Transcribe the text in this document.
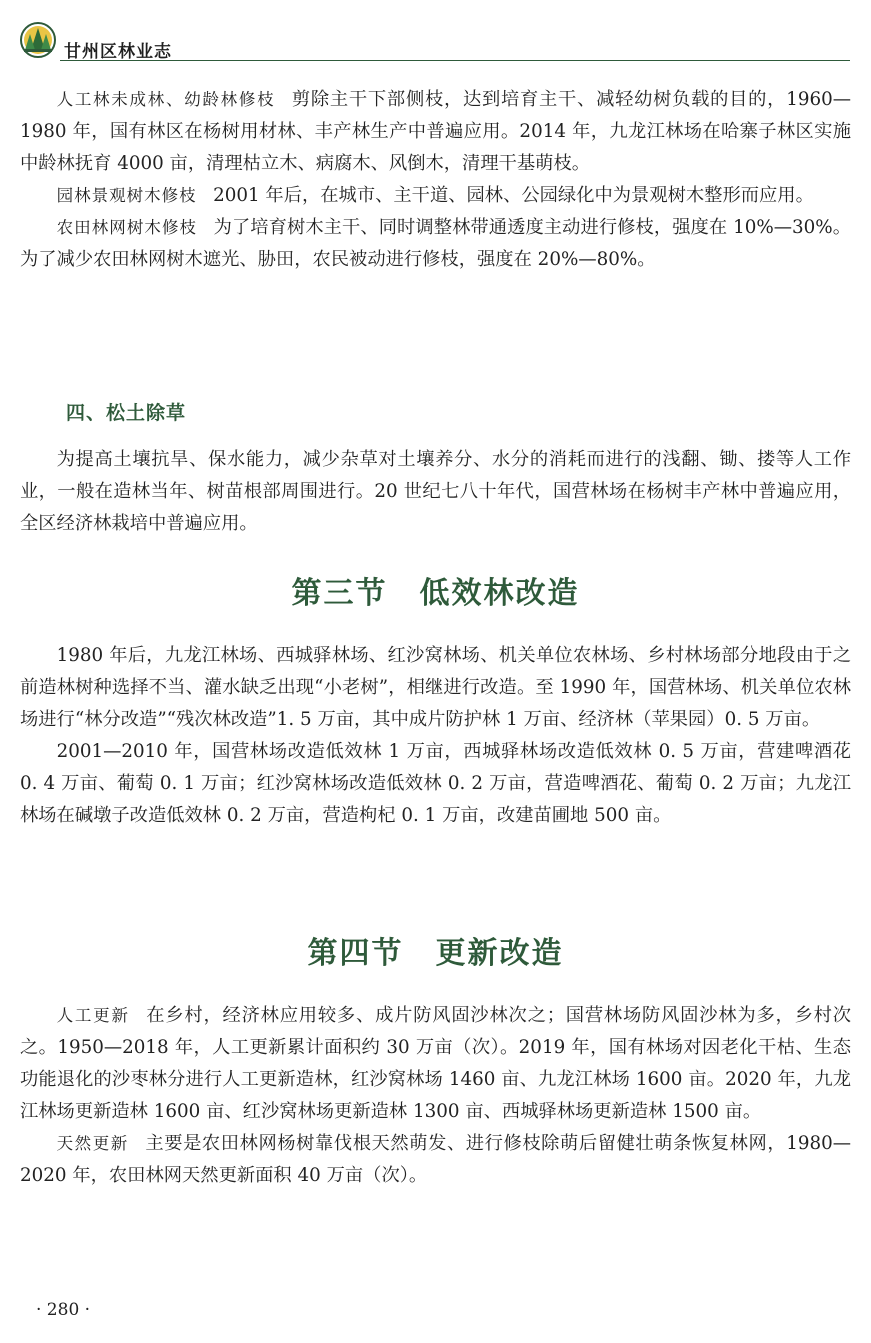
甘州区林业志

人工林未成林、幼龄林修枝 剪除主干下部侧枝，达到培育主干、减轻幼树负载的目的，1960—1980 年，国有林区在杨树用材林、丰产林生产中普遍应用。2014 年，九龙江林场在哈寨子林区实施中龄林抚育 4000 亩，清理枯立木、病腐木、风倒木，清理干基萌枝。

园林景观树木修枝 2001 年后，在城市、主干道、园林、公园绿化中为景观树木整形而应用。

农田林网树木修枝 为了培育树木主干、同时调整林带通透度主动进行修枝，强度在 10%—30%。为了减少农田林网树木遮光、胁田，农民被动进行修枝，强度在 20%—80%。

四、松土除草

为提高土壤抗旱、保水能力，减少杂草对土壤养分、水分的消耗而进行的浅翻、锄、搂等人工作业，一般在造林当年、树苗根部周围进行。20 世纪七八十年代，国营林场在杨树丰产林中普遍应用，全区经济林栽培中普遍应用。

第三节　低效林改造

1980 年后，九龙江林场、西城驿林场、红沙窝林场、机关单位农林场、乡村林场部分地段由于之前造林树种选择不当、灌水缺乏出现“小老树”，相继进行改造。至 1990 年，国营林场、机关单位农林场进行“林分改造”“残次林改造”1. 5 万亩，其中成片防护林 1 万亩、经济林（苹果园）0. 5 万亩。

2001—2010 年，国营林场改造低效林 1 万亩，西城驿林场改造低效林 0. 5 万亩，营建啤酒花 0. 4 万亩、葡萄 0. 1 万亩；红沙窝林场改造低效林 0. 2 万亩，营造啤酒花、葡萄 0. 2 万亩；九龙江林场在碱墩子改造低效林 0. 2 万亩，营造枸杞 0. 1 万亩，改建苗圃地 500 亩。

第四节　更新改造

人工更新 在乡村，经济林应用较多、成片防风固沙林次之；国营林场防风固沙林为多，乡村次之。1950—2018 年，人工更新累计面积约 30 万亩（次）。2019 年，国有林场对因老化干枯、生态功能退化的沙枣林分进行人工更新造林，红沙窝林场 1460 亩、九龙江林场 1600 亩。2020 年，九龙江林场更新造林 1600 亩、红沙窝林场更新造林 1300 亩、西城驿林场更新造林 1500 亩。

天然更新 主要是农田林网杨树靠伐根天然萌发、进行修枝除萌后留健壮萌条恢复林网，1980—2020 年，农田林网天然更新面积 40 万亩（次）。

· 280 ·
